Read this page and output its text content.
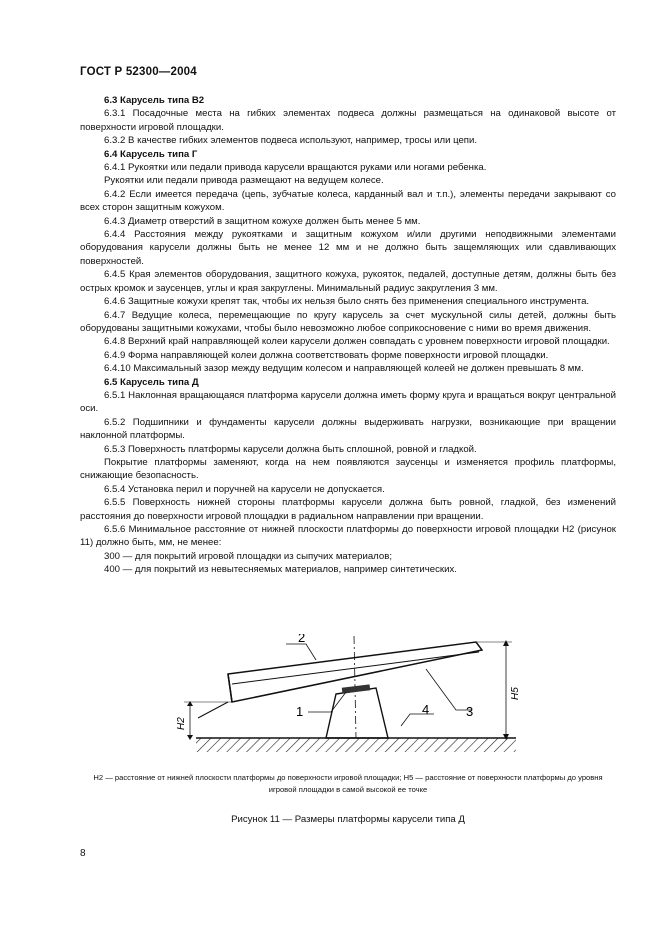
ГОСТ Р 52300—2004

6.3 Карусель типа В2

6.3.1 Посадочные места на гибких элементах подвеса должны размещаться на одинаковой высоте от поверхности игровой площадки.

6.3.2 В качестве гибких элементов подвеса используют, например, тросы или цепи.

6.4 Карусель типа Г

6.4.1 Рукоятки или педали привода карусели вращаются руками или ногами ребенка.

Рукоятки или педали привода размещают на ведущем колесе.

6.4.2 Если имеется передача (цепь, зубчатые колеса, карданный вал и т.п.), элементы передачи закрывают со всех сторон защитным кожухом.

6.4.3 Диаметр отверстий в защитном кожухе должен быть менее 5 мм.

6.4.4 Расстояния между рукоятками и защитным кожухом и/или другими неподвижными элементами оборудования карусели должны быть не менее 12 мм и не должно быть защемляющих или сдавливающих поверхностей.

6.4.5 Края элементов оборудования, защитного кожуха, рукояток, педалей, доступные детям, должны быть без острых кромок и заусенцев, углы и края закруглены. Минимальный радиус закругления 3 мм.

6.4.6 Защитные кожухи крепят так, чтобы их нельзя было снять без применения специального инструмента.

6.4.7 Ведущие колеса, перемещающие по кругу карусель за счет мускульной силы детей, должны быть оборудованы защитными кожухами, чтобы было невозможно любое соприкосновение с ними во время движения.

6.4.8 Верхний край направляющей колеи карусели должен совпадать с уровнем поверхности игровой площадки.

6.4.9 Форма направляющей колеи должна соответствовать форме поверхности игровой площадки.

6.4.10 Максимальный зазор между ведущим колесом и направляющей колеей не должен превышать 8 мм.

6.5 Карусель типа Д

6.5.1 Наклонная вращающаяся платформа карусели должна иметь форму круга и вращаться вокруг центральной оси.

6.5.2 Подшипники и фундаменты карусели должны выдерживать нагрузки, возникающие при вращении наклонной платформы.

6.5.3 Поверхность платформы карусели должна быть сплошной, ровной и гладкой.

Покрытие платформы заменяют, когда на нем появляются заусенцы и изменяется профиль платформы, снижающие безопасность.

6.5.4 Установка перил и поручней на карусели не допускается.

6.5.5 Поверхность нижней стороны платформы карусели должна быть ровной, гладкой, без изменений расстояния до поверхности игровой площадки в радиальном направлении при вращении.

6.5.6 Минимальное расстояние от нижней плоскости платформы до поверхности игровой площадки H2 (рисунок 11) должно быть, мм, не менее:

300 — для покрытий игровой площадки из сыпучих материалов;

400 — для покрытий из невытесняемых материалов, например синтетических.

1
2
3
4
H2
H5
H2 — расстояние от нижней плоскости платформы до поверхности игровой площадки; H5 — расстояние от поверхности платформы до уровня игровой площадки в самой высокой ее точке
Рисунок 11 — Размеры платформы карусели типа Д
8
